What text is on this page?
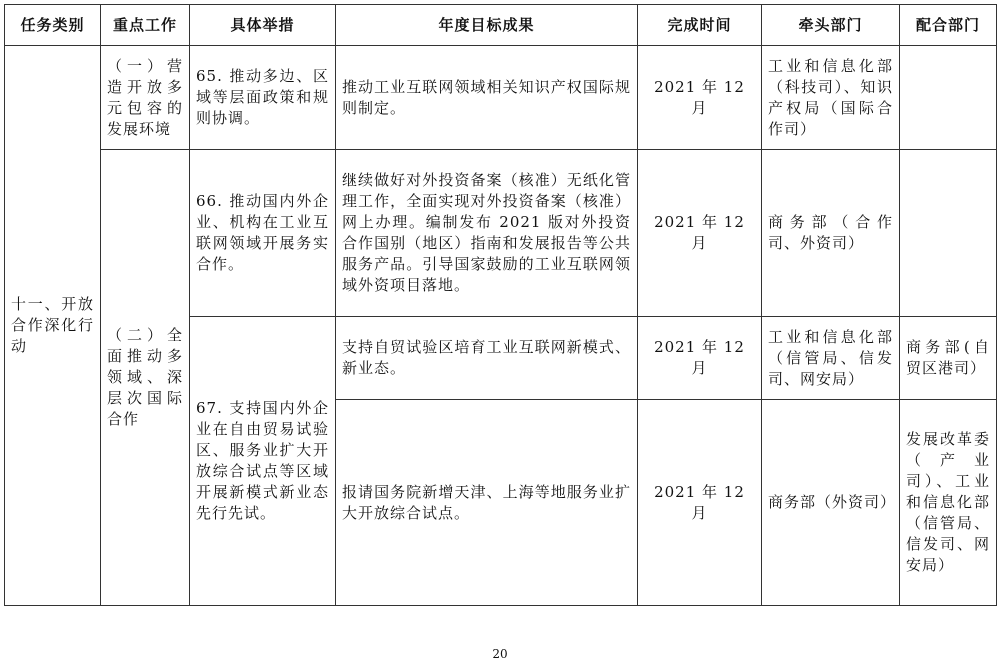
任务类别	重点工作	具体举措	年度目标成果	完成时间	牵头部门	配合部门
十一、开放合作深化行动	（一）营造开放多元包容的发展环境	65. 推动多边、区域等层面政策和规则协调。	推动工业互联网领域相关知识产权国际规则制定。	2021 年 12 月	工业和信息化部（科技司）、知识产权局（国际合作司）	
	（二）全面推动多领域、深层次国际合作	66. 推动国内外企业、机构在工业互联网领域开展务实合作。	继续做好对外投资备案（核准）无纸化管理工作，全面实现对外投资备案（核准）网上办理。编制发布 2021 版对外投资合作国别（地区）指南和发展报告等公共服务产品。引导国家鼓励的工业互联网领域外资项目落地。	2021 年 12 月	商务部（合作司、外资司）	
		67. 支持国内外企业在自由贸易试验区、服务业扩大开放综合试点等区域开展新模式新业态先行先试。	支持自贸试验区培育工业互联网新模式、新业态。	2021 年 12 月	工业和信息化部（信管局、信发司、网安局）	商务部(自贸区港司）
			报请国务院新增天津、上海等地服务业扩大开放综合试点。	2021 年 12 月	商务部（外资司）	发展改革委（产业司）、工业和信息化部（信管局、信发司、网安局）
20
